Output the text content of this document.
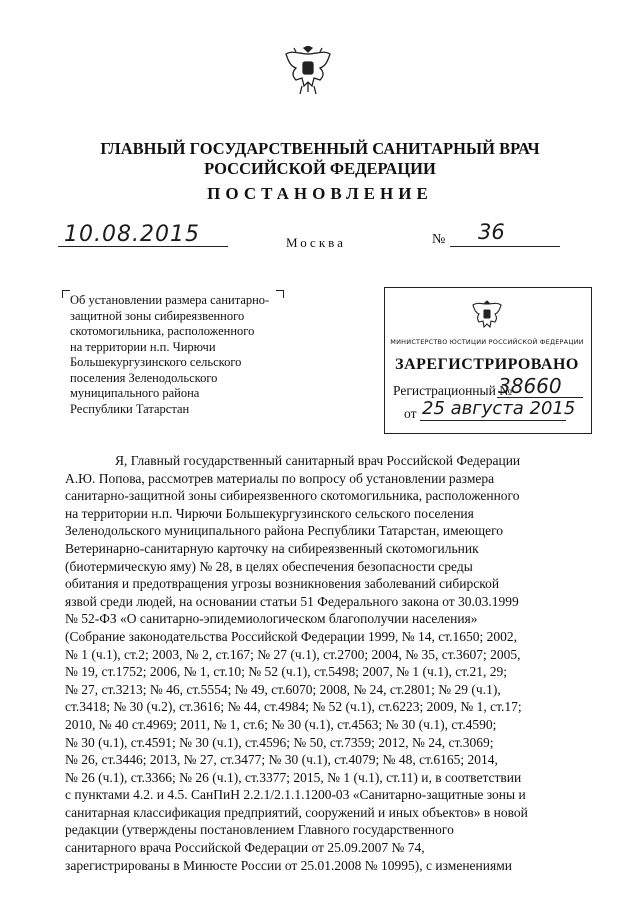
ГЛАВНЫЙ ГОСУДАРСТВЕННЫЙ САНИТАРНЫЙ ВРАЧ
РОССИЙСКОЙ ФЕДЕРАЦИИ
ПОСТАНОВЛЕНИЕ
10.08.2015	Москва	№ 36
Об установлении размера санитарно-
защитной зоны сибиреязвенного
скотомогильника, расположенного
на территории н.п. Чирючи
Большекургузинского сельского
поселения Зеленодольского
муниципального района
Республики Татарстан
МИНИСТЕРСТВО ЮСТИЦИИ РОССИЙСКОЙ ФЕДЕРАЦИИ
ЗАРЕГИСТРИРОВАНО
Регистрационный №
38660
от 25 августа 2015
Я, Главный государственный санитарный врач Российской Федерации
А.Ю. Попова, рассмотрев материалы по вопросу об установлении размера
санитарно-защитной зоны сибиреязвенного скотомогильника, расположенного
на территории н.п. Чирючи Большекургузинского сельского поселения
Зеленодольского муниципального района Республики Татарстан, имеющего
Ветеринарно-санитарную карточку на сибиреязвенный скотомогильник
(биотермическую яму) № 28, в целях обеспечения безопасности среды
обитания и предотвращения угрозы возникновения заболеваний сибирской
язвой среди людей, на основании статьи 51 Федерального закона от 30.03.1999
№ 52-ФЗ «О санитарно-эпидемиологическом благополучии населения»
(Собрание законодательства Российской Федерации 1999, № 14, ст.1650; 2002,
№ 1 (ч.1), ст.2; 2003, № 2, ст.167; № 27 (ч.1), ст.2700; 2004, № 35, ст.3607; 2005,
№ 19, ст.1752; 2006, № 1, ст.10; № 52 (ч.1), ст.5498; 2007, № 1 (ч.1), ст.21, 29;
№ 27, ст.3213; № 46, ст.5554; № 49, ст.6070; 2008, № 24, ст.2801; № 29 (ч.1),
ст.3418; № 30 (ч.2), ст.3616; № 44, ст.4984; № 52 (ч.1), ст.6223; 2009, № 1, ст.17;
2010, № 40 ст.4969; 2011, № 1, ст.6; № 30 (ч.1), ст.4563; № 30 (ч.1), ст.4590;
№ 30 (ч.1), ст.4591; № 30 (ч.1), ст.4596; № 50, ст.7359; 2012, № 24, ст.3069;
№ 26, ст.3446; 2013, № 27, ст.3477; № 30 (ч.1), ст.4079; № 48, ст.6165; 2014,
№ 26 (ч.1), ст.3366; № 26 (ч.1), ст.3377; 2015, № 1 (ч.1), ст.11) и, в соответствии
с пунктами 4.2. и 4.5. СанПиН 2.2.1/2.1.1.1200-03 «Санитарно-защитные зоны и
санитарная классификация предприятий, сооружений и иных объектов» в новой
редакции (утверждены постановлением Главного государственного
санитарного врача Российской Федерации от 25.09.2007 № 74,
зарегистрированы в Минюсте России от 25.01.2008 № 10995), с изменениями
